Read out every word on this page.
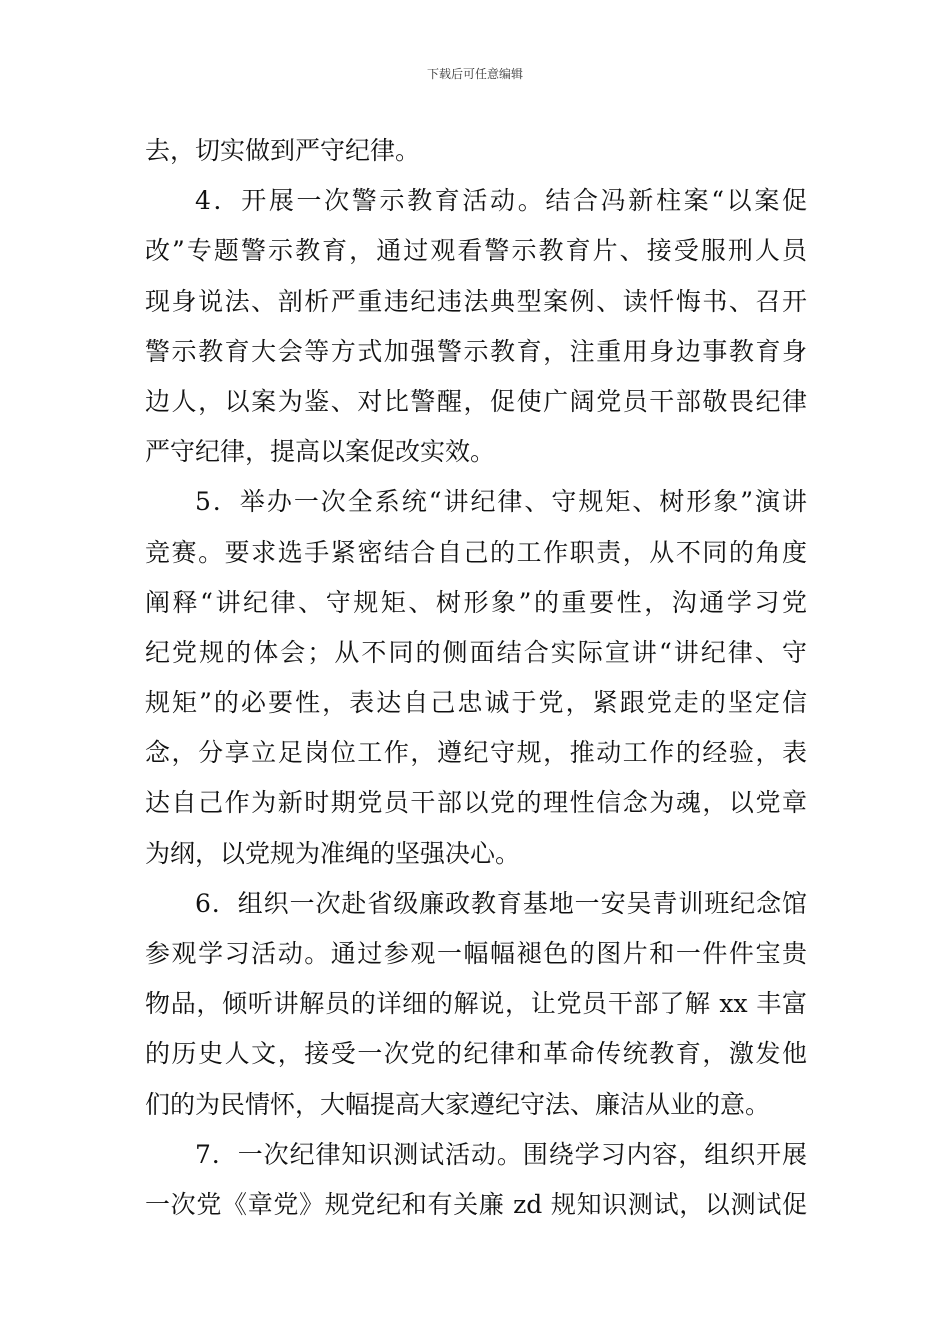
下载后可任意编辑
去，切实做到严守纪律。
4．开展一次警示教育活动。结合冯新柱案“以案促
改”专题警示教育，通过观看警示教育片、接受服刑人员
现身说法、剖析严重违纪违法典型案例、读忏悔书、召开
警示教育大会等方式加强警示教育，注重用身边事教育身
边人，以案为鉴、对比警醒，促使广阔党员干部敬畏纪律
严守纪律，提高以案促改实效。
5．举办一次全系统“讲纪律、守规矩、树形象”演讲
竞赛。要求选手紧密结合自己的工作职责，从不同的角度
阐释“讲纪律、守规矩、树形象”的重要性，沟通学习党
纪党规的体会；从不同的侧面结合实际宣讲“讲纪律、守
规矩”的必要性，表达自己忠诚于党，紧跟党走的坚定信
念，分享立足岗位工作，遵纪守规，推动工作的经验，表
达自己作为新时期党员干部以党的理性信念为魂，以党章
为纲，以党规为准绳的坚强决心。
6．组织一次赴省级廉政教育基地一安吴青训班纪念馆
参观学习活动。通过参观一幅幅褪色的图片和一件件宝贵
物品，倾听讲解员的详细的解说，让党员干部了解 xx 丰富
的历史人文，接受一次党的纪律和革命传统教育，激发他
们的为民情怀，大幅提高大家遵纪守法、廉洁从业的意。
7．一次纪律知识测试活动。围绕学习内容，组织开展
一次党《章党》规党纪和有关廉 zd 规知识测试，以测试促
